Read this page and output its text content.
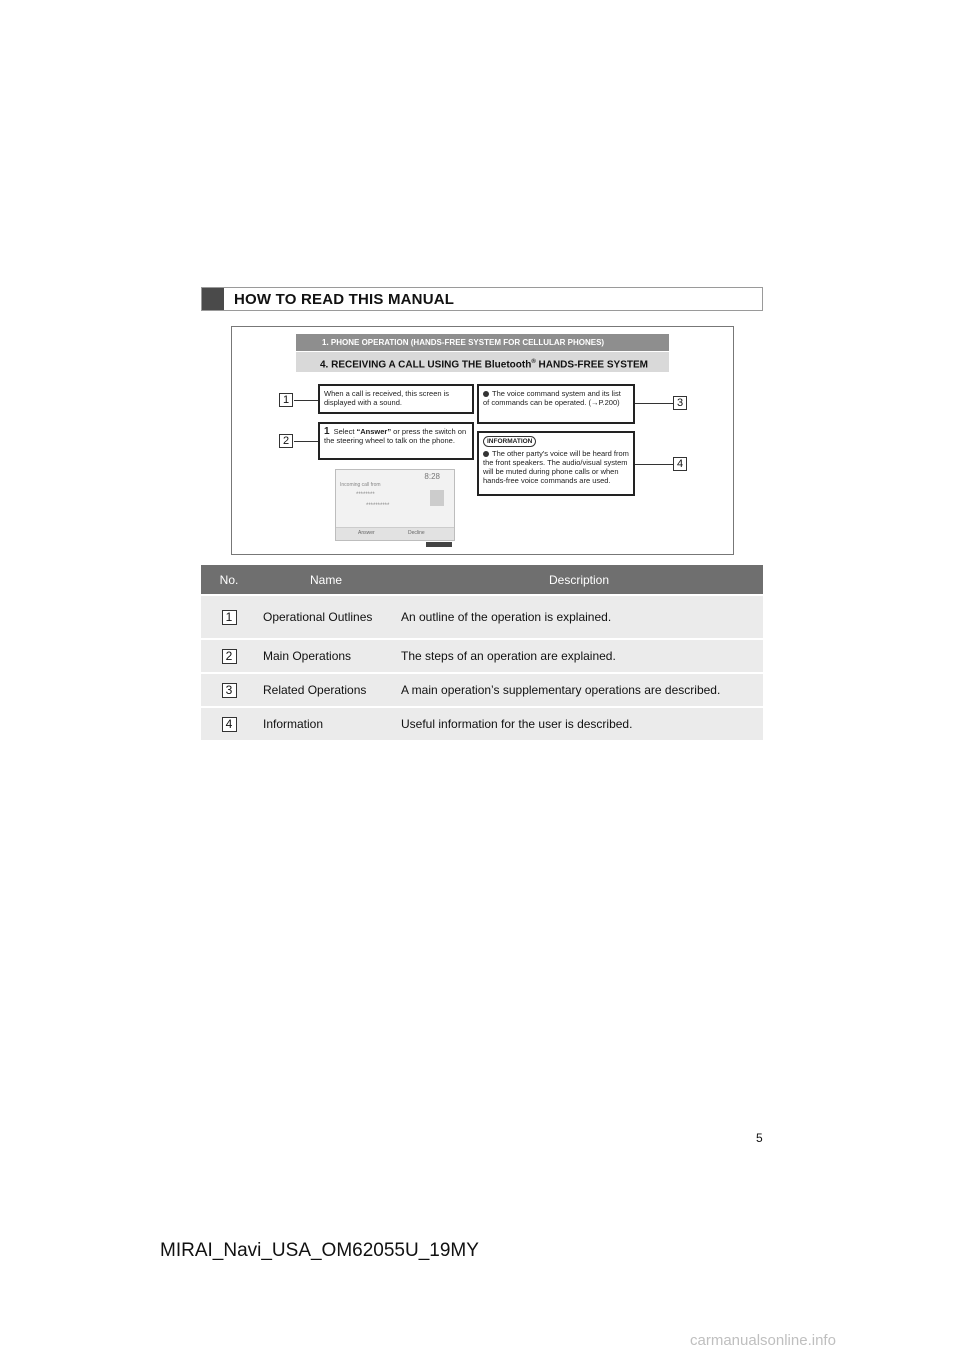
HOW TO READ THIS MANUAL
1. PHONE OPERATION (HANDS-FREE SYSTEM FOR CELLULAR PHONES)
4. RECEIVING A CALL USING THE Bluetooth® HANDS-FREE SYSTEM
1
When a call is received, this screen is displayed with a sound.
2
1 Select “Answer” or press the switch on the steering wheel to talk on the phone.
The voice command system and its list of commands can be operated. (→P.200)	3
INFORMATION
The other party's voice will be heard from the front speakers. The audio/visual system will be muted during phone calls or when hands-free voice commands are used.
4
8:28
Incoming call from
********
**********
Answer	Decline
No.	Name	Description
1	Operational Outlines	An outline of the operation is explained.
2	Main Operations	The steps of an operation are explained.
3	Related Operations	A main operation’s supplementary operations are described.
4	Information	Useful information for the user is described.
5
MIRAI_Navi_USA_OM62055U_19MY
carmanualsonline.info
